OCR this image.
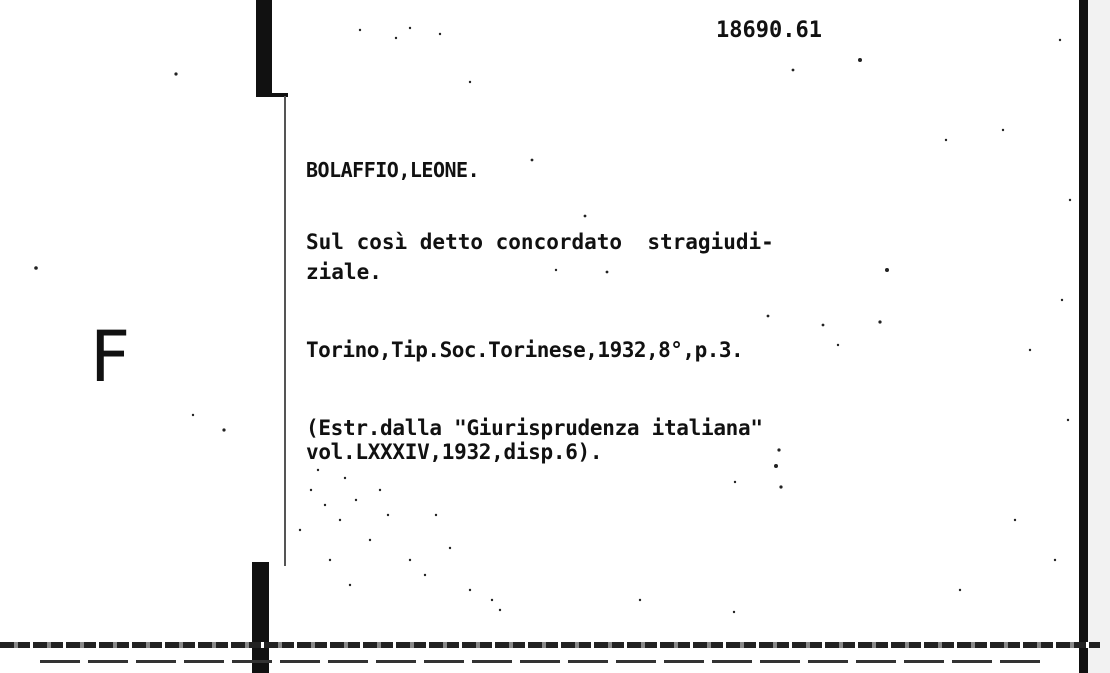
F
18690.61
BOLAFFIO,LEONE.
Sul così detto concordato  stragiudi-
ziale.
Torino,Tip.Soc.Torinese,1932,8°,p.3.
(Estr.dalla "Giurisprudenza italiana"
vol.LXXXIV,1932,disp.6).
